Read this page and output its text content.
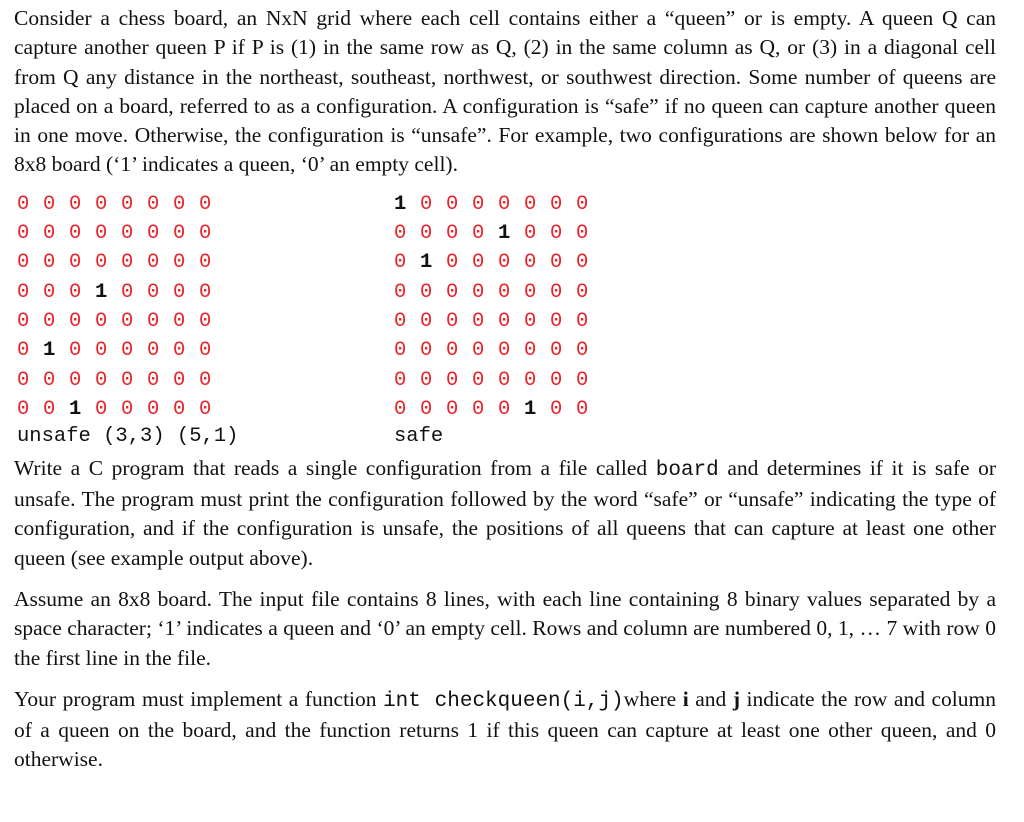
Consider a chess board, an NxN grid where each cell contains either a “queen” or is empty. A queen Q can capture another queen P if P is (1) in the same row as Q, (2) in the same column as Q, or (3) in a diagonal cell from Q any distance in the northeast, southeast, northwest, or southwest direction. Some number of queens are placed on a board, referred to as a configuration. A configuration is “safe” if no queen can capture another queen in one move. Otherwise, the configuration is “unsafe”. For example, two configurations are shown below for an 8x8 board (‘1’ indicates a queen, ‘0’ an empty cell).

0 0 0 0 0 0 0 0
0 0 0 0 0 0 0 0
0 0 0 0 0 0 0 0
0 0 0 1 0 0 0 0
0 0 0 0 0 0 0 0
0 1 0 0 0 0 0 0
0 0 0 0 0 0 0 0
0 0 1 0 0 0 0 0
unsafe (3,3) (5,1)
1 0 0 0 0 0 0 0
0 0 0 0 1 0 0 0
0 1 0 0 0 0 0 0
0 0 0 0 0 0 0 0
0 0 0 0 0 0 0 0
0 0 0 0 0 0 0 0
0 0 0 0 0 0 0 0
0 0 0 0 0 1 0 0
safe

Write a C program that reads a single configuration from a file called board and determines if it is safe or unsafe. The program must print the configuration followed by the word “safe” or “unsafe” indicating the type of configuration, and if the configuration is unsafe, the positions of all queens that can capture at least one other queen (see example output above).

Assume an 8x8 board. The input file contains 8 lines, with each line containing 8 binary values separated by a space character; ‘1’ indicates a queen and ‘0’ an empty cell. Rows and column are numbered 0, 1, … 7 with row 0 the first line in the file.

Your program must implement a function int checkqueen(i,j)where i and j indicate the row and column of a queen on the board, and the function returns 1 if this queen can capture at least one other queen, and 0 otherwise.
